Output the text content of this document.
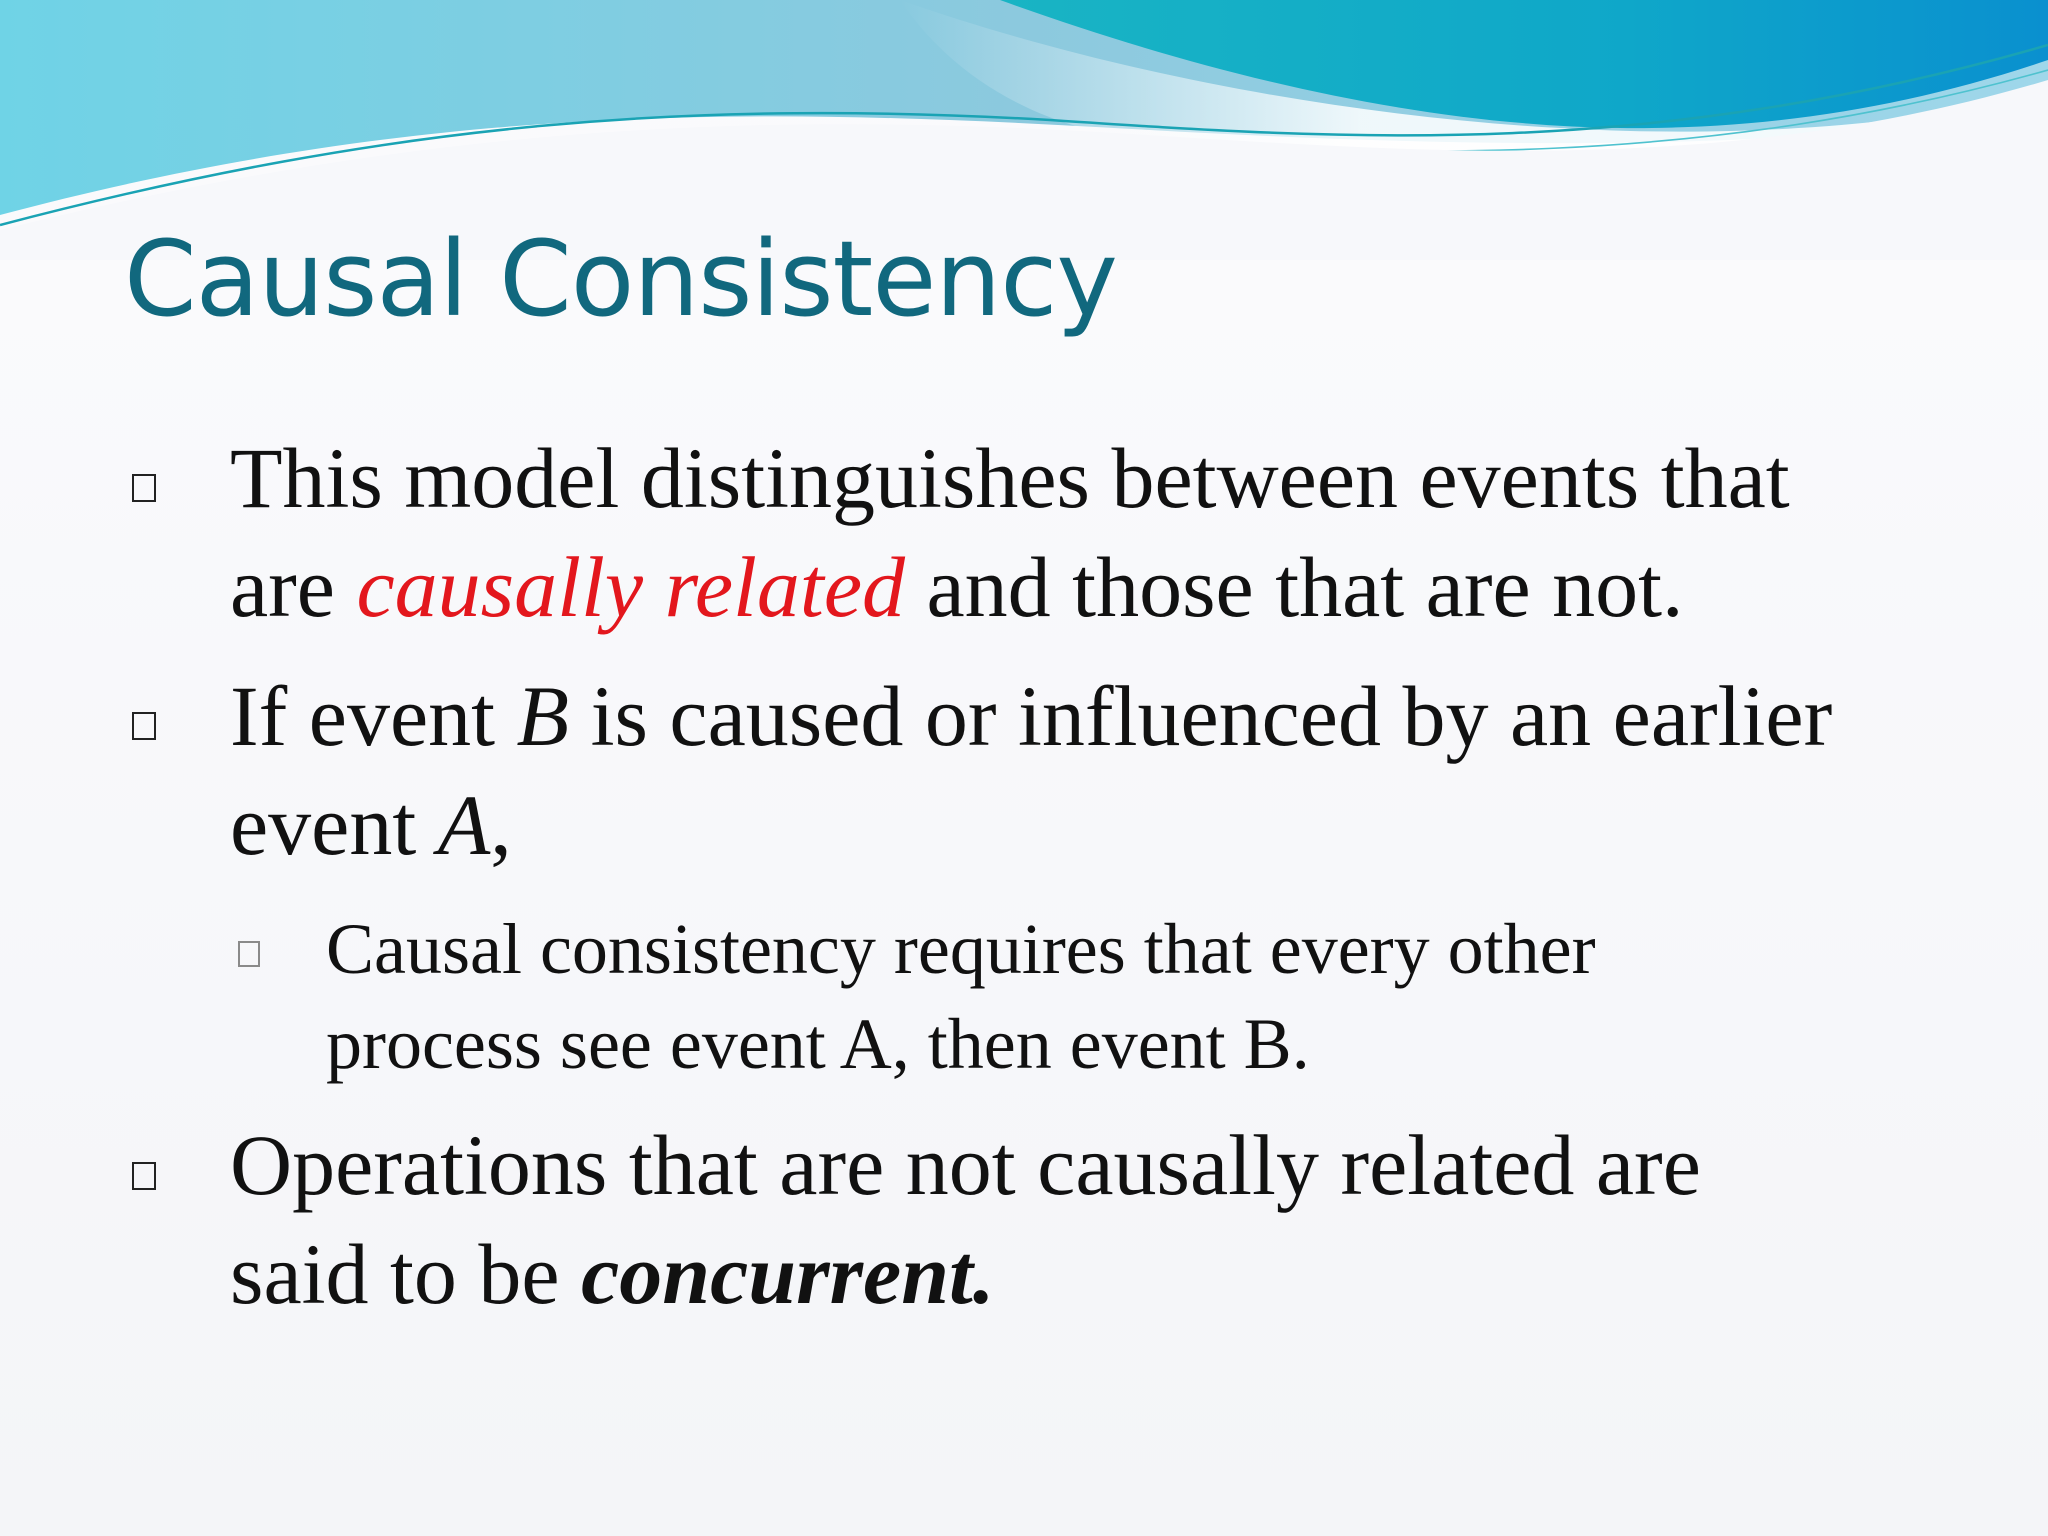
Causal Consistency
This model distinguishes between events that
are causally related and those that are not.
If event B is caused or influenced by an earlier
event A,
Causal consistency requires that every other
process see event A, then event B.
Operations that are not causally related are
said to be concurrent.
